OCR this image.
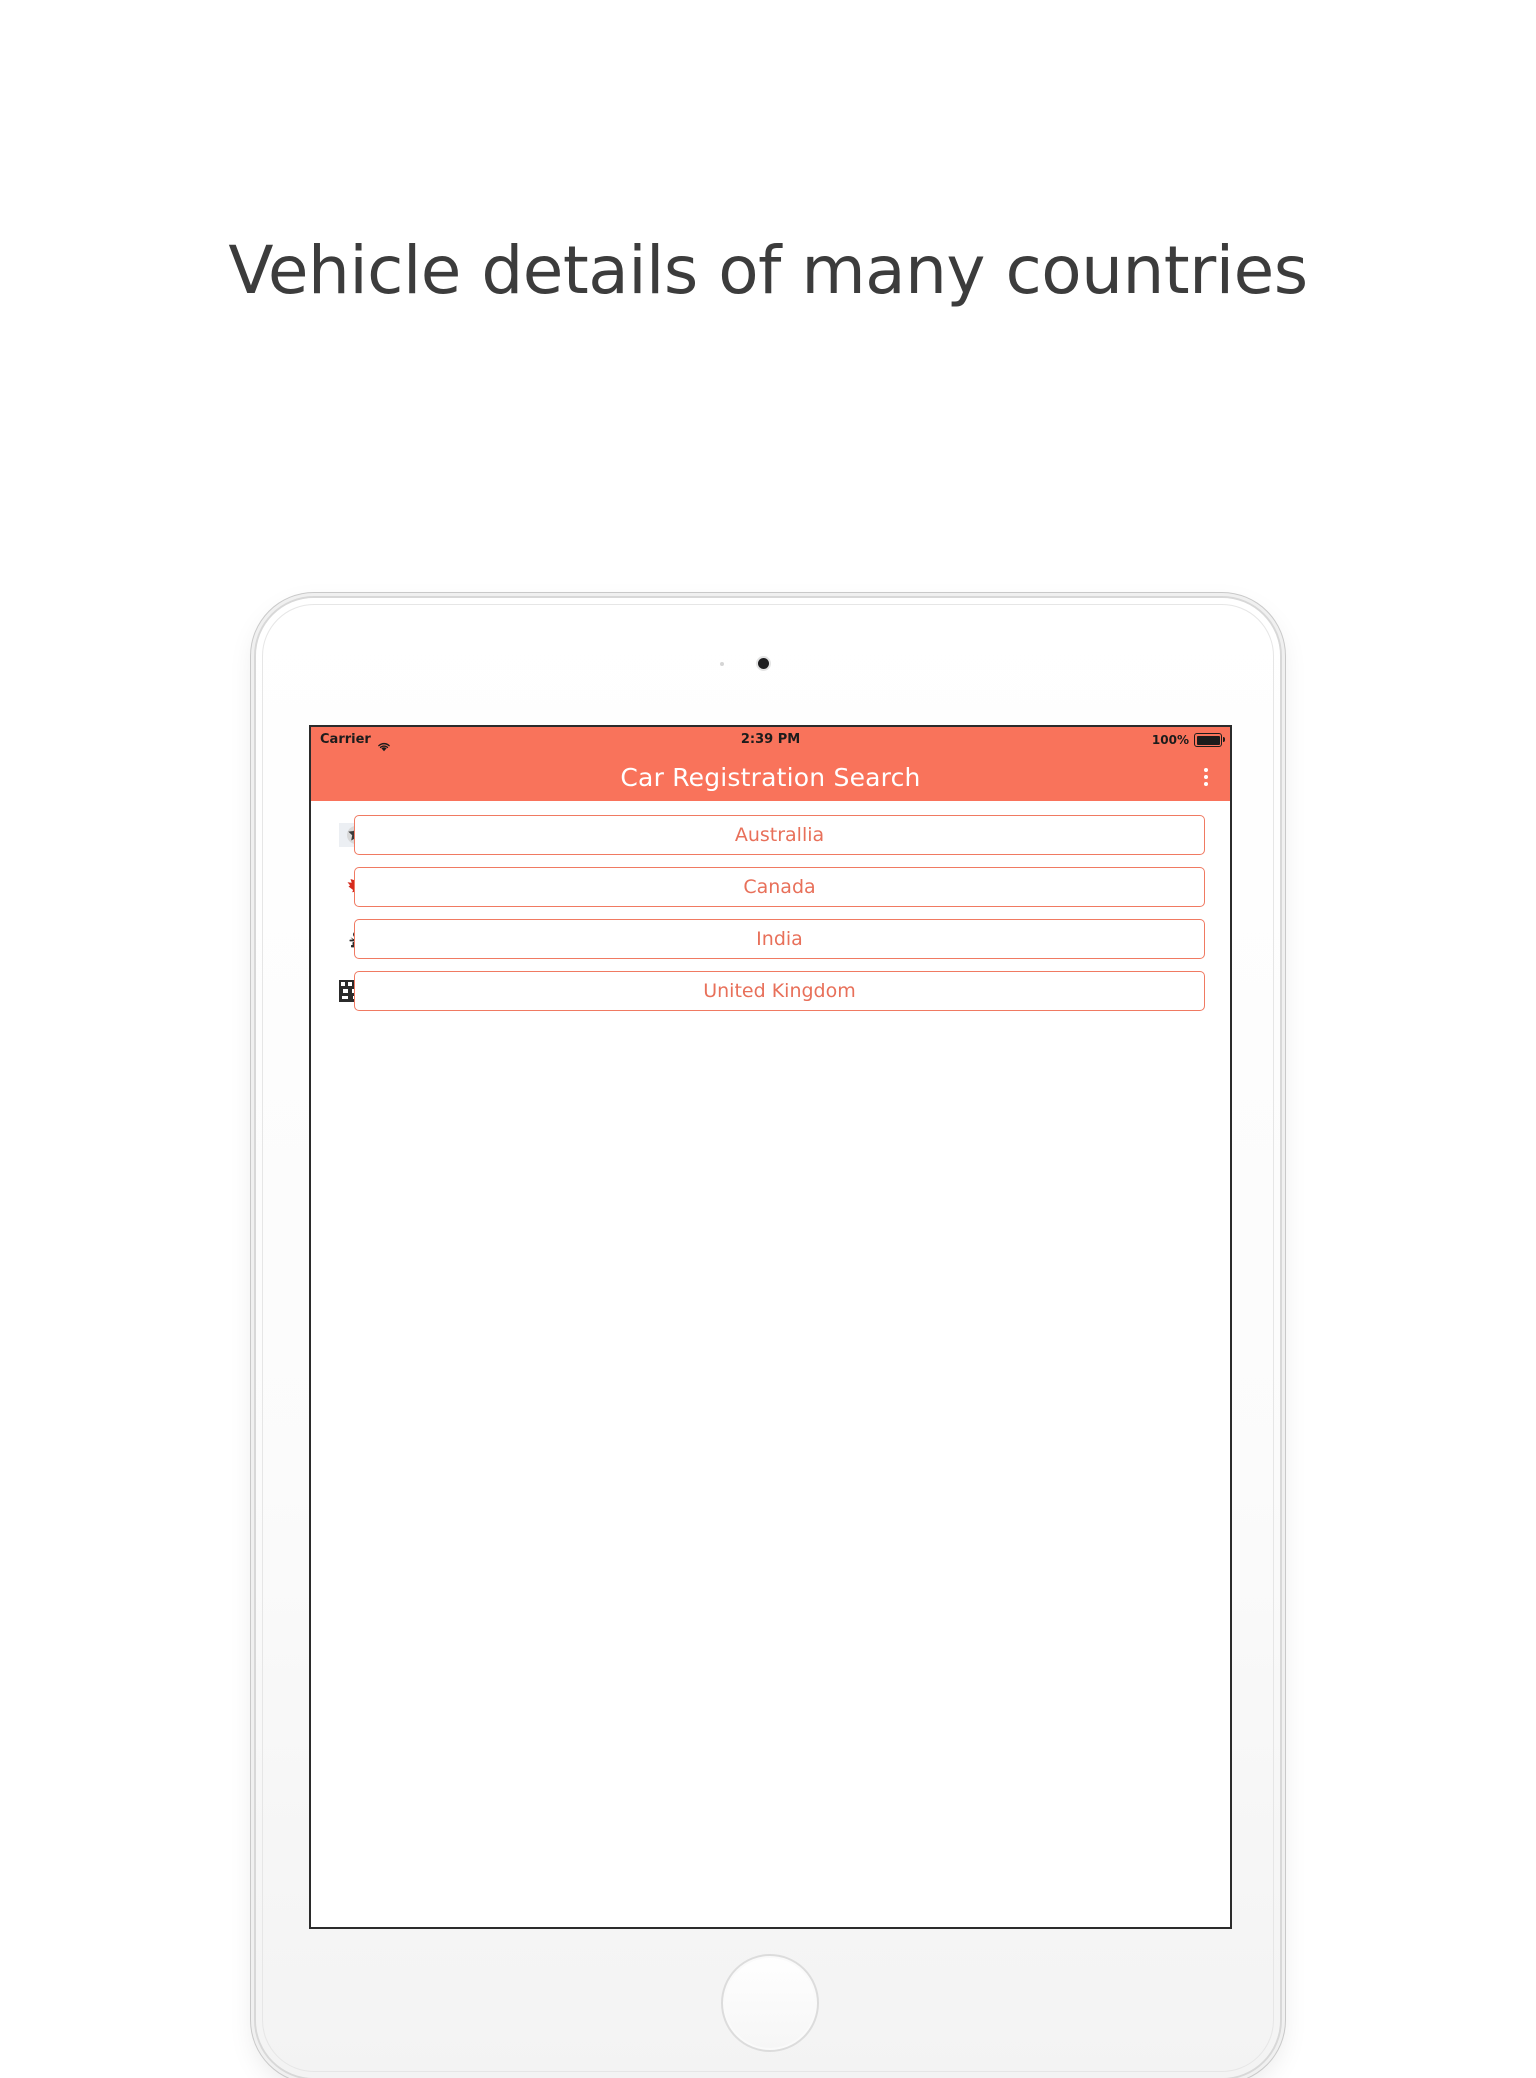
Vehicle details of many countries
Carrier	2:39 PM	100%
Car Registration Search
Australlia
Canada
India
United Kingdom
